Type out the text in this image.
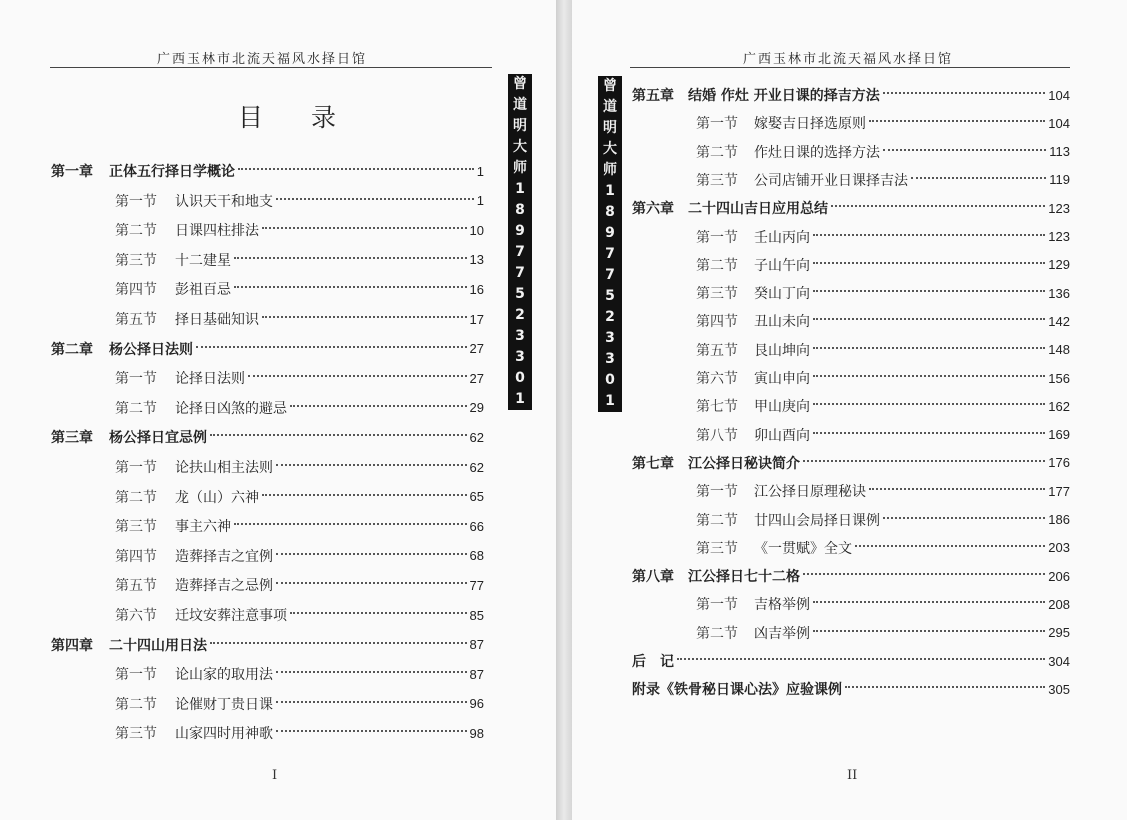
广西玉林市北流天福风水择日馆
目 录
曾
道
明
大
师
1
8
9
7
7
5
2
3
3
0
1
第一章 正体五行择日学概论	1
第一节 认识天干和地支	1
第二节 日课四柱排法	10
第三节 十二建星	13
第四节 彭祖百忌	16
第五节 择日基础知识	17
第二章 杨公择日法则	27
第一节 论择日法则	27
第二节 论择日凶煞的避忌	29
第三章 杨公择日宜忌例	62
第一节 论扶山相主法则	62
第二节 龙（山）六神	65
第三节 事主六神	66
第四节 造葬择吉之宜例	68
第五节 造葬择吉之忌例	77
第六节 迁坟安葬注意事项	85
第四章 二十四山用日法	87
第一节 论山家的取用法	87
第二节 论催财丁贵日课	96
第三节 山家四时用神歌	98
I
广西玉林市北流天福风水择日馆
曾
道
明
大
师
1
8
9
7
7
5
2
3
3
0
1
第五章 结婚 作灶 开业日课的择吉方法	104
第一节 嫁娶吉日择选原则	104
第二节 作灶日课的选择方法	113
第三节 公司店铺开业日课择吉法	119
第六章 二十四山吉日应用总结	123
第一节 壬山丙向	123
第二节 子山午向	129
第三节 癸山丁向	136
第四节 丑山未向	142
第五节 艮山坤向	148
第六节 寅山申向	156
第七节 甲山庚向	162
第八节 卯山酉向	169
第七章 江公择日秘诀简介	176
第一节 江公择日原理秘诀	177
第二节 廿四山会局择日课例	186
第三节 《一贯赋》全文	203
第八章 江公择日七十二格	206
第一节 吉格举例	208
第二节 凶吉举例	295
后　记	304
附录《铁骨秘日课心法》应验课例	305
II
